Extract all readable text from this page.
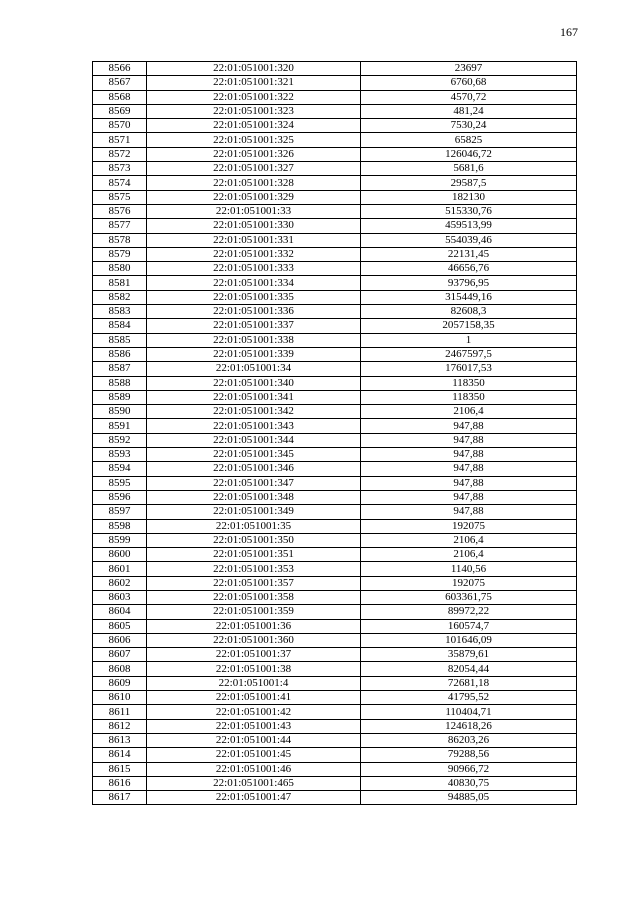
167
8566	22:01:051001:320	23697
8567	22:01:051001:321	6760,68
8568	22:01:051001:322	4570,72
8569	22:01:051001:323	481,24
8570	22:01:051001:324	7530,24
8571	22:01:051001:325	65825
8572	22:01:051001:326	126046,72
8573	22:01:051001:327	5681,6
8574	22:01:051001:328	29587,5
8575	22:01:051001:329	182130
8576	22:01:051001:33	515330,76
8577	22:01:051001:330	459513,99
8578	22:01:051001:331	554039,46
8579	22:01:051001:332	22131,45
8580	22:01:051001:333	46656,76
8581	22:01:051001:334	93796,95
8582	22:01:051001:335	315449,16
8583	22:01:051001:336	82608,3
8584	22:01:051001:337	2057158,35
8585	22:01:051001:338	1
8586	22:01:051001:339	2467597,5
8587	22:01:051001:34	176017,53
8588	22:01:051001:340	118350
8589	22:01:051001:341	118350
8590	22:01:051001:342	2106,4
8591	22:01:051001:343	947,88
8592	22:01:051001:344	947,88
8593	22:01:051001:345	947,88
8594	22:01:051001:346	947,88
8595	22:01:051001:347	947,88
8596	22:01:051001:348	947,88
8597	22:01:051001:349	947,88
8598	22:01:051001:35	192075
8599	22:01:051001:350	2106,4
8600	22:01:051001:351	2106,4
8601	22:01:051001:353	1140,56
8602	22:01:051001:357	192075
8603	22:01:051001:358	603361,75
8604	22:01:051001:359	89972,22
8605	22:01:051001:36	160574,7
8606	22:01:051001:360	101646,09
8607	22:01:051001:37	35879,61
8608	22:01:051001:38	82054,44
8609	22:01:051001:4	72681,18
8610	22:01:051001:41	41795,52
8611	22:01:051001:42	110404,71
8612	22:01:051001:43	124618,26
8613	22:01:051001:44	86203,26
8614	22:01:051001:45	79288,56
8615	22:01:051001:46	90966,72
8616	22:01:051001:465	40830,75
8617	22:01:051001:47	94885,05
